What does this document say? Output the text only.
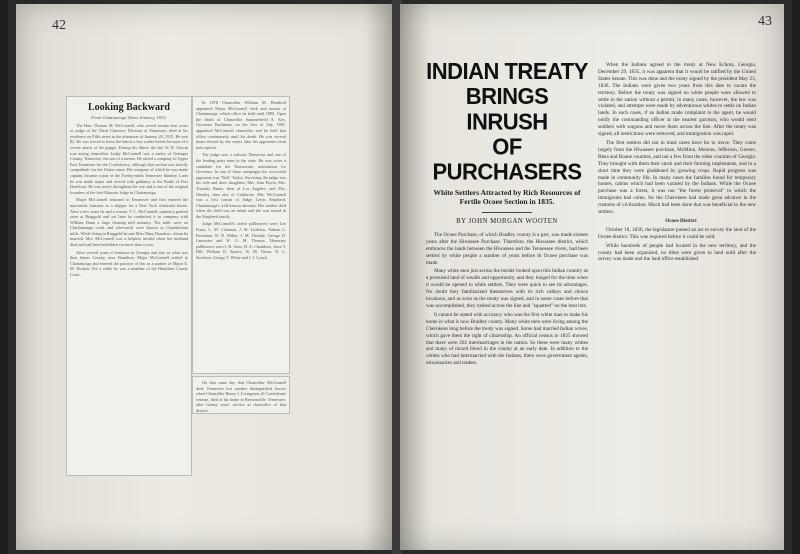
42	43
Looking Backward
From Chattanooga Times January, 1915.

The Hon. Thomas M. McConnell, who served twenty-four years as judge of the Third Chancery Division of Tennessee, died at his residence on Fifth street in the afternoon of January 20, 1915. He was 82. He was forced to leave the bench a few weeks before because of a severe attack of the grippe. During his illness the late W. B. Garvin was acting chancellor. Judge McConnell was a native of Grainger County, Tennessee, the son of a farmer. He raised a company in Upper East Tennessee for the Confederacy, although that section was heavily sympathetic for the Union cause. His company of which he was made captain, became a part of the Twenty-ninth Tennessee Infantry. Later he was made major and served with gallantry at the Battle of Fort Donelson. He was active throughout the war and is one of the original founders of the first Masonic lodge in Chattanooga.

Major McConnell returned to Tennessee and first entered the mercantile business as a shipper for a New York wholesale house. After a few years he and a cousin, T. C. McConnell, opened a general store at Ringgold and yet later he conducted it in company with William Dunn a large flouring mill industry. The mills were on Chickamauga creek and afterwards were known as Chamberlain mills. While living in Ringgold he met Miss Mary Donahoo, whom he married. Mrs. McConnell was a helpless invalid when her husband died and had been bedridden for more than a year.

After several years of business in Georgia and also in what was then James County, near Hamilton, Major McConnell settled in Chattanooga and entered the practice of law as a partner of Major E. M. Dodson. For a while he was a member of the Hamilton County Court.

In 1878 Chancellor William M. Bradford appointed Major McConnell clerk and master at Chattanooga, which office he held until 1890. Upon the death of Chancellor Summerfield A. Key, Governor Buchanan, on the first of July, 1891, appointed McConnell chancellor and he held that office continuously until his death. He was several times elected by the voters after his appointive term had expired.

The judge was a stalwart Democrat and one of the leading party men in the state. He was twice a candidate for the Democratic nomination for Governor. In one of these campaigns his successful opponent was "Bob" Taylor. Surviving the judge was his wife and three daughters, Mrs. Sam Erwin, Mrs. Timothy Burns, then of Los Angeles, and Mrs. Ormsby, then also of California. Mrs. McConnell was a first cousin of Judge Lewis Shepherd, Chattanooga's well-known attorney. Her mother died when the child was an infant and she was reared in the Shepherd family.

Judge McConnell's active pallbearers were Lee Foust, L. M. Coleman, J. M. Littleton, Nathan L. Bachman, W. B. Miller, J. M. Trimble, George D. Lancaster and W. G. M. Thomas. Honorary pallbearers were J. B. Sizer, H. A. Chambers, Jesse T. Hill, William D. Spears, W. M. Nixon, D. L. Stockton, George T. White and J. J. Lynch.

On that same day that Chancellor McConnell died, Tennessee lost another distinguished lawyer when Chancellor Henry J. Livingston, ill Confederate veteran, died at his home in Brownsville, Tennessee, after twenty years' service as chancellor of that district.

INDIAN TREATY
BRINGS INRUSH
OF PURCHASERS
White Settlers Attracted by Rich Resources of Fertile Ocoee Section in 1835.
BY JOHN MORGAN WOOTEN

The Ocoee Purchase, of which Bradley county is a part, was made sixteen years after the Hiwassee Purchase. Therefore, the Hiwassee district, which embraces the lands between the Hiwassee and the Tennessee rivers, had been settled by white people a number of years before th Ocoee purchase was made.

Many white men just across the border looked upon this Indian country as a promised land of wealth and opportunity, and they longed for the time when it would be opened to white settlers. They were quick to see its advantages. No doubt they familiarized themselves with its rich valleys and choice locations, and as soon as the treaty was signed, and in some cases before that was accomplished, they rushed across the line and "squatted" on the best lots.

It cannot be stated with accuracy who was the first white man to make his home in what is now Bradley county. Many white men were living among the Cherokees long before the treaty was signed. Some had married Indian wives, which gave them the right of citizenship. An official census in 1835 showed that there were 202 intermarriages in the nation. So these were many whites and many of mixed blood in the county at an early date. In addition to the whites who had intermarried with the Indians, there were government agents, missionaries and traders.

When the Indians agreed to the treaty at New Echota, Georgia, December 29, 1835, it was apparent that it would be ratified by the United States Senate. This was done and the treaty signed by the president May 23, 1836. The Indians were given two years from this date to vacate the territory. Before the treaty was signed no white people were allowed to settle in the nation without a permit, in many cases, however, the law was violated, and attempts were made by adventurous whites to settle on Indian lands. In such cases, if an Indian made complaint to the agent, he would notify the commanding officer at the nearest garrison, who would send soldiers with wagons and move them across the line. After the treaty was signed, all restrictions were removed, and immigration was rapid.

The first settlers did not in most cases have far to move. They came largely from the Hiwassee purchase, McMinn, Monroe, Jefferson, Greene, Rhea and Roane counties, and not a few from the older counties of Georgia. They brought with them their stock and their farming implements, and in a short time they were gladdened by growing crops. Rapid progress was made in community life. In many cases the families found for temporary homes, cabins which had been vacated by the Indians. While the Ocoee purchase was a forest, it was not "the forest primeval" to which the immigrants had come, for the Cherokees had made great advance in the customs of civilization. Much had been done that was beneficial to the new settlers.

Ocoee District

October 18, 1836, the legislature passed an act to survey the land of the Ocoee district. This was required before it could be sold.

While hundreds of people had located in the new territory, and the county had been organized, no titles were given to land until after the survey was made and the land office established.
